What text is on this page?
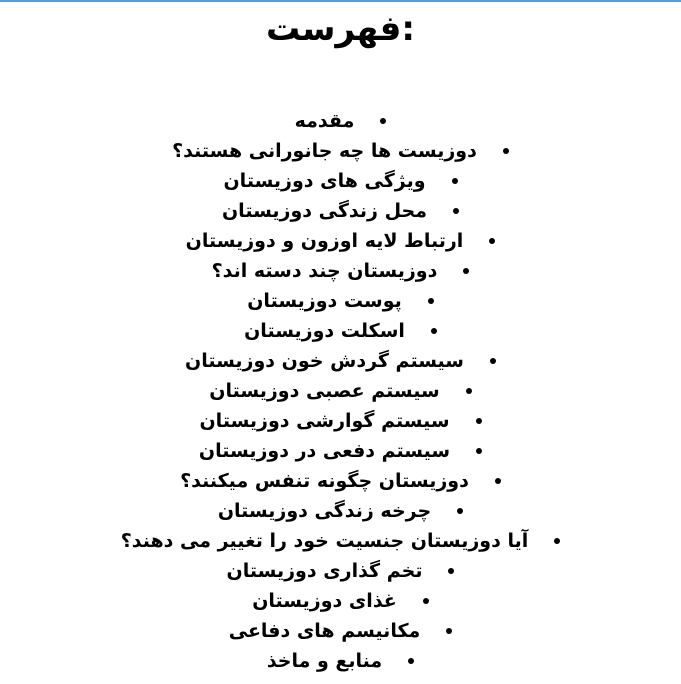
فهرست:
مقدمه
دوزیست ها چه جانورانی هستند؟
ویژگی های دوزیستان
محل زندگی دوزیستان
ارتباط لایه اوزون و دوزیستان
دوزیستان چند دسته اند؟
پوست دوزیستان
اسکلت دوزیستان
سیستم گردش خون دوزیستان
سیستم عصبی دوزیستان
سیستم گوارشی دوزیستان
سیستم دفعی در دوزیستان
دوزیستان چگونه تنفس میکنند؟
چرخه زندگی دوزیستان
آیا دوزیستان جنسیت خود را تغییر می دهند؟
تخم گذاری دوزیستان
غذای دوزیستان
مکانیسم های دفاعی
منابع و ماخذ
